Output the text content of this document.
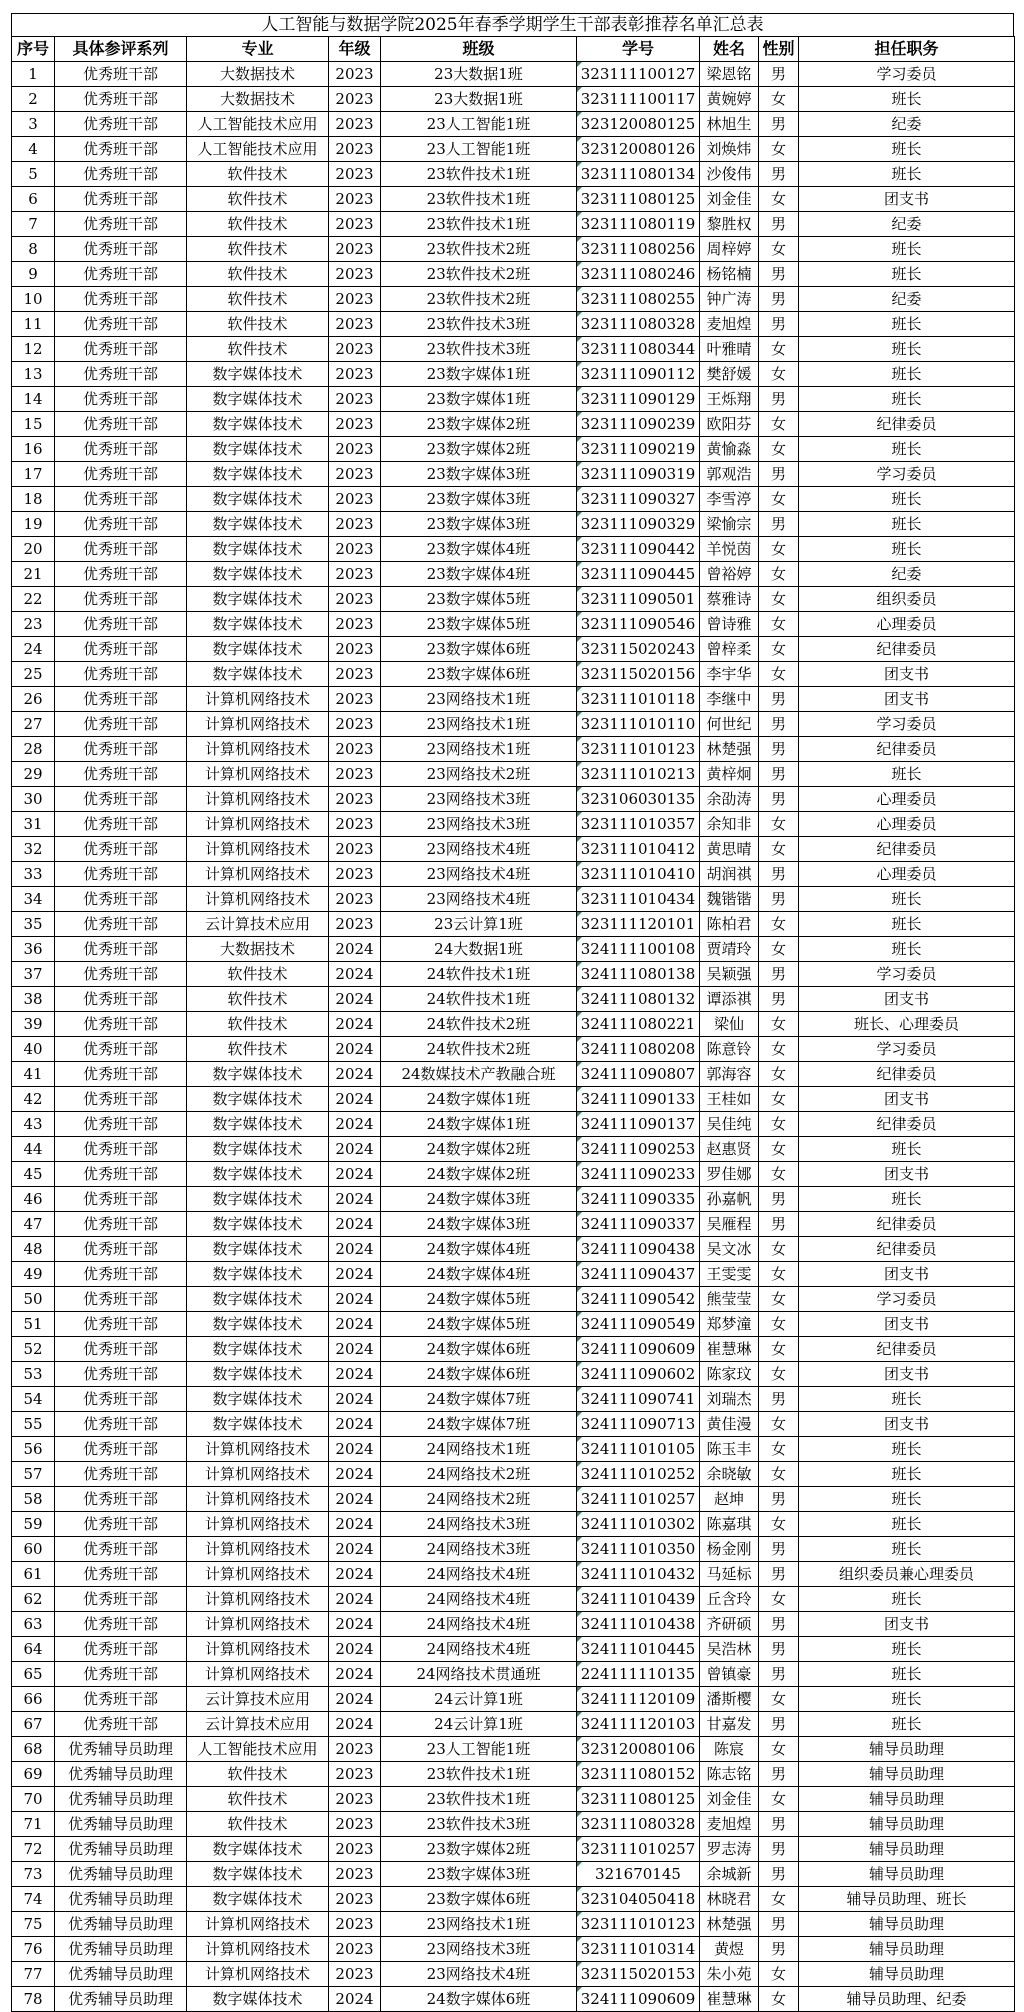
人工智能与数据学院2025年春季学期学生干部表彰推荐名单汇总表
序号	具体参评系列	专业	年级	班级	学号	姓名	性别	担任职务
1	优秀班干部	大数据技术	2023	23大数据1班	323111100127	梁恩铭	男	学习委员
2	优秀班干部	大数据技术	2023	23大数据1班	323111100117	黄婉婷	女	班长
3	优秀班干部	人工智能技术应用	2023	23人工智能1班	323120080125	林旭生	男	纪委
4	优秀班干部	人工智能技术应用	2023	23人工智能1班	323120080126	刘焕炜	女	班长
5	优秀班干部	软件技术	2023	23软件技术1班	323111080134	沙俊伟	男	班长
6	优秀班干部	软件技术	2023	23软件技术1班	323111080125	刘金佳	女	团支书
7	优秀班干部	软件技术	2023	23软件技术1班	323111080119	黎胜权	男	纪委
8	优秀班干部	软件技术	2023	23软件技术2班	323111080256	周梓婷	女	班长
9	优秀班干部	软件技术	2023	23软件技术2班	323111080246	杨铭楠	男	班长
10	优秀班干部	软件技术	2023	23软件技术2班	323111080255	钟广涛	男	纪委
11	优秀班干部	软件技术	2023	23软件技术3班	323111080328	麦旭煌	男	班长
12	优秀班干部	软件技术	2023	23软件技术3班	323111080344	叶雅晴	女	班长
13	优秀班干部	数字媒体技术	2023	23数字媒体1班	323111090112	樊舒媛	女	班长
14	优秀班干部	数字媒体技术	2023	23数字媒体1班	323111090129	王烁翔	男	班长
15	优秀班干部	数字媒体技术	2023	23数字媒体2班	323111090239	欧阳芬	女	纪律委员
16	优秀班干部	数字媒体技术	2023	23数字媒体2班	323111090219	黄愉淼	女	班长
17	优秀班干部	数字媒体技术	2023	23数字媒体3班	323111090319	郭观浩	男	学习委员
18	优秀班干部	数字媒体技术	2023	23数字媒体3班	323111090327	李雪渟	女	班长
19	优秀班干部	数字媒体技术	2023	23数字媒体3班	323111090329	梁愉宗	男	班长
20	优秀班干部	数字媒体技术	2023	23数字媒体4班	323111090442	羊悦茵	女	班长
21	优秀班干部	数字媒体技术	2023	23数字媒体4班	323111090445	曾裕婷	女	纪委
22	优秀班干部	数字媒体技术	2023	23数字媒体5班	323111090501	蔡雅诗	女	组织委员
23	优秀班干部	数字媒体技术	2023	23数字媒体5班	323111090546	曾诗雅	女	心理委员
24	优秀班干部	数字媒体技术	2023	23数字媒体6班	323115020243	曾梓柔	女	纪律委员
25	优秀班干部	数字媒体技术	2023	23数字媒体6班	323115020156	李宇华	女	团支书
26	优秀班干部	计算机网络技术	2023	23网络技术1班	323111010118	李继中	男	团支书
27	优秀班干部	计算机网络技术	2023	23网络技术1班	323111010110	何世纪	男	学习委员
28	优秀班干部	计算机网络技术	2023	23网络技术1班	323111010123	林楚强	男	纪律委员
29	优秀班干部	计算机网络技术	2023	23网络技术2班	323111010213	黄梓炯	男	班长
30	优秀班干部	计算机网络技术	2023	23网络技术3班	323106030135	余劭涛	男	心理委员
31	优秀班干部	计算机网络技术	2023	23网络技术3班	323111010357	余知非	女	心理委员
32	优秀班干部	计算机网络技术	2023	23网络技术4班	323111010412	黄思晴	女	纪律委员
33	优秀班干部	计算机网络技术	2023	23网络技术4班	323111010410	胡润祺	男	心理委员
34	优秀班干部	计算机网络技术	2023	23网络技术4班	323111010434	魏锴锴	男	班长
35	优秀班干部	云计算技术应用	2023	23云计算1班	323111120101	陈柏君	女	班长
36	优秀班干部	大数据技术	2024	24大数据1班	324111100108	贾靖玲	女	班长
37	优秀班干部	软件技术	2024	24软件技术1班	324111080138	吴颖强	男	学习委员
38	优秀班干部	软件技术	2024	24软件技术1班	324111080132	谭添祺	男	团支书
39	优秀班干部	软件技术	2024	24软件技术2班	324111080221	梁仙	女	班长、心理委员
40	优秀班干部	软件技术	2024	24软件技术2班	324111080208	陈意铃	女	学习委员
41	优秀班干部	数字媒体技术	2024	24数媒技术产教融合班	324111090807	郭海容	女	纪律委员
42	优秀班干部	数字媒体技术	2024	24数字媒体1班	324111090133	王桂如	女	团支书
43	优秀班干部	数字媒体技术	2024	24数字媒体1班	324111090137	吴佳纯	女	纪律委员
44	优秀班干部	数字媒体技术	2024	24数字媒体2班	324111090253	赵惠贤	女	班长
45	优秀班干部	数字媒体技术	2024	24数字媒体2班	324111090233	罗佳娜	女	团支书
46	优秀班干部	数字媒体技术	2024	24数字媒体3班	324111090335	孙嘉帆	男	班长
47	优秀班干部	数字媒体技术	2024	24数字媒体3班	324111090337	吴雁程	男	纪律委员
48	优秀班干部	数字媒体技术	2024	24数字媒体4班	324111090438	吴文冰	女	纪律委员
49	优秀班干部	数字媒体技术	2024	24数字媒体4班	324111090437	王雯雯	女	团支书
50	优秀班干部	数字媒体技术	2024	24数字媒体5班	324111090542	熊莹莹	女	学习委员
51	优秀班干部	数字媒体技术	2024	24数字媒体5班	324111090549	郑梦潼	女	团支书
52	优秀班干部	数字媒体技术	2024	24数字媒体6班	324111090609	崔慧琳	女	纪律委员
53	优秀班干部	数字媒体技术	2024	24数字媒体6班	324111090602	陈家玟	女	团支书
54	优秀班干部	数字媒体技术	2024	24数字媒体7班	324111090741	刘瑞杰	男	班长
55	优秀班干部	数字媒体技术	2024	24数字媒体7班	324111090713	黄佳漫	女	团支书
56	优秀班干部	计算机网络技术	2024	24网络技术1班	324111010105	陈玉丰	女	班长
57	优秀班干部	计算机网络技术	2024	24网络技术2班	324111010252	余晓敏	女	班长
58	优秀班干部	计算机网络技术	2024	24网络技术2班	324111010257	赵坤	男	班长
59	优秀班干部	计算机网络技术	2024	24网络技术3班	324111010302	陈嘉琪	女	班长
60	优秀班干部	计算机网络技术	2024	24网络技术3班	324111010350	杨金刚	男	班长
61	优秀班干部	计算机网络技术	2024	24网络技术4班	324111010432	马延标	男	组织委员兼心理委员
62	优秀班干部	计算机网络技术	2024	24网络技术4班	324111010439	丘含玲	女	班长
63	优秀班干部	计算机网络技术	2024	24网络技术4班	324111010438	齐研硕	男	团支书
64	优秀班干部	计算机网络技术	2024	24网络技术4班	324111010445	吴浩林	男	班长
65	优秀班干部	计算机网络技术	2024	24网络技术贯通班	224111110135	曾镇豪	男	班长
66	优秀班干部	云计算技术应用	2024	24云计算1班	324111120109	潘斯樱	女	班长
67	优秀班干部	云计算技术应用	2024	24云计算1班	324111120103	甘嘉发	男	班长
68	优秀辅导员助理	人工智能技术应用	2023	23人工智能1班	323120080106	陈宸	女	辅导员助理
69	优秀辅导员助理	软件技术	2023	23软件技术1班	323111080152	陈志铭	男	辅导员助理
70	优秀辅导员助理	软件技术	2023	23软件技术1班	323111080125	刘金佳	女	辅导员助理
71	优秀辅导员助理	软件技术	2023	23软件技术3班	323111080328	麦旭煌	男	辅导员助理
72	优秀辅导员助理	数字媒体技术	2023	23数字媒体2班	323111010257	罗志涛	男	辅导员助理
73	优秀辅导员助理	数字媒体技术	2023	23数字媒体3班	321670145	余城新	男	辅导员助理
74	优秀辅导员助理	数字媒体技术	2023	23数字媒体6班	323104050418	林晓君	女	辅导员助理、班长
75	优秀辅导员助理	计算机网络技术	2023	23网络技术1班	323111010123	林楚强	男	辅导员助理
76	优秀辅导员助理	计算机网络技术	2023	23网络技术3班	323111010314	黄煜	男	辅导员助理
77	优秀辅导员助理	计算机网络技术	2023	23网络技术4班	323115020153	朱小苑	女	辅导员助理
78	优秀辅导员助理	数字媒体技术	2024	24数字媒体6班	324111090609	崔慧琳	女	辅导员助理、纪委
